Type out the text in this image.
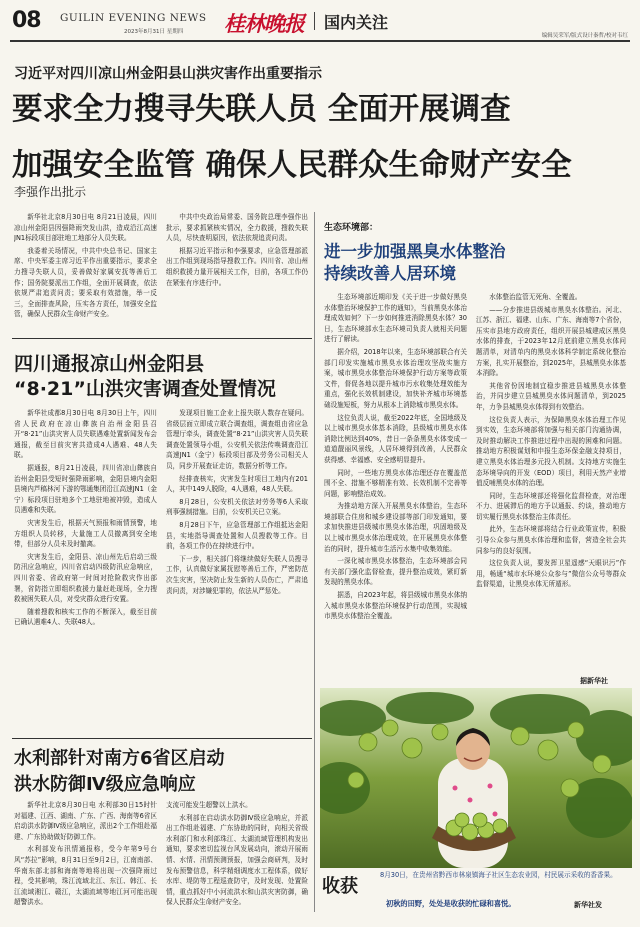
08 GUILIN EVENING NEWS
2023年8月31日 星期四 桂林晚报 国内关注
编辑吴荣军/版式设计秦哲/校对韦红
习近平对四川凉山州金阳县山洪灾害作出重要指示
要求全力搜寻失联人员 全面开展调查
加强安全监管 确保人民群众生命财产安全
李强作出批示

新华社北京8月30日电 8月21日凌晨，四川凉山州金阳县因强降雨突发山洪，造成沿江高速JN1标段项目部驻地工地部分人员失联。

我委着关场情况，中共中央总书记、国家主席、中央军委主席习近平作出重要指示，要求全力搜寻失联人员，妥善做好家属安抚等善后工作；国务院要派出工作组，全面开展调查，依法依规严肃追责问责；要采取有效措施，举一反三，全面排查风险，压实各方责任，加强安全监管，确保人民群众生命财产安全。

中共中央政治局常委、国务院总理李强作出批示，要求抓紧核实情况，全力救援，搜救失联人员，尽快查明原因，依法依规追责问责。

根据习近平指示和李强要求，应急管理部派出工作组到现场指导搜救工作。四川省、凉山州组织救援力量开展相关工作，目前，各项工作仍在紧张有序进行中。

四川通报凉山州金阳县
“8·21”山洪灾害调查处置情况

新华社成都8月30日电 8月30日上午，四川省人民政府在凉山彝族自治州金阳县召开“8·21”山洪灾害人员失联遇难处置新闻发布会通报，截至目前灾害共造成4人遇难、48人失联。

据通报，8月21日凌晨，四川省凉山彝族自治州金阳县受短时强降雨影响，金阳县境内金阳县境内芦稿林河下游的鄂通集团沿江高速JN1（金宁）标段项目驻地多个工地驻地被冲毁，造成人员遇难和失联。

灾害发生后，根据天气预报和雨情预警，地方组织人员转移，大量施工人员撤离到安全地带，但部分人员未及时撤离。

灾害发生后，金阳县、凉山州先后启动三级防汛应急响应，四川省启动四级防汛应急响应，四川省委、省政府第一时间对抢险救灾作出部署，省防指立即组织救援力量赶赴现场，全力搜救被困失联人员，对受灾群众进行安置。

随着搜救和核实工作的不断深入，截至目前已确认遇难4人、失联48人。

发现项目施工企业上报失联人数存在疑问。省级层面立即成立联合调查组，调查组由省应急管理厅牵头，调查处置“8·21”山洪灾害人员失联调查处置领导小组，公安机关依法传唤调查沿江高速JN1（金宁）标段项目部及劳务公司相关人员，同步开展查证走访，数据分析等工作。

经排查核实，灾害发生时项目工地内有201人，其中149人脱险，4人遇难，48人失联。

8月28日，公安机关依法对劳务等6人采取刑事强制措施。目前，公安机关已立案。

8月28日下午，应急管理部工作组抵达金阳县，实地指导调查处置和人员搜救等工作。目前，各项工作仍在持续进行中。

下一步，相关部门将继续做好失联人员搜寻工作，认真做好家属抚慰等善后工作，严密防范次生灾害，坚决防止发生新的人员伤亡，严肃追责问责，对涉嫌犯罪的，依法从严惩处。

水利部针对南方6省区启动
洪水防御Ⅳ级应急响应

新华社北京8月30日电 水利部30日15时针对福建、江西、湖南、广东、广西、海南等6省区启动洪水防御Ⅳ级应急响应，派出2个工作组赴福建、广东协助做好防御工作。

水利部发布汛情通报称，受今年第9号台风“苏拉”影响，8月31日至9月2日，江南南部、华南东部北部和海南等地将出现一次强降雨过程，受其影响，珠江流域北江、东江、韩江、长江流域湘江、赣江，太湖流域等地江河可能出现超警洪水。

支流可能发生超警以上洪水。

水利部在启动洪水防御Ⅳ级应急响应，并派出工作组赴福建、广东协助的同时，向相关省级水利部门和水利部珠江、太湖流域管理机构发出通知，要求密切监视台风发展动向，滚动开展雨情、水情、汛情预测预报，加强会商研判，及时发布预警信息，科学精细调度水工程体系，做好水库、堤防等工程巡查防守，及时发现、处置险情，重点抓好中小河流洪水和山洪灾害防御，确保人民群众生命财产安全。

生态环境部：
进一步加强黑臭水体整治
持续改善人居环境

生态环境部近期印发《关于进一步做好黑臭水体整治环境保护工作的通知》，当前黑臭水体治理成效如何？下一步如何推进消除黑臭水体？30日，生态环境部水生态环境司负责人就相关问题进行了解读。

据介绍，2018年以来，生态环境部联合有关部门印发实施城市黑臭水体治理攻坚战实施方案，城市黑臭水体整治环境保护行动方案等政策文件，督促各地以提升城市污水收集处理效能为重点，强化长效机制建设，加快补齐城市环境基础设施短板，努力从根本上消除城市黑臭水体。

这位负责人说，截至2022年底，全国地级及以上城市黑臭水体基本消除，县级城市黑臭水体消除比例达到40%，昔日一条条黑臭水体变成一道道靓丽风景线，人居环境得到改善，人民群众获得感、幸福感、安全感明显提升。

同时，一些地方黑臭水体治理还存在覆盖范围不全、措施不够精准有效、长效机制不完善等问题，影响整治成效。

为推动地方深入开展黑臭水体整治，生态环境部联合住房和城乡建设部等部门印发通知，要求加快推进县级城市黑臭水体治理，巩固地级及以上城市黑臭水体治理成效，在开展黑臭水体整治的同时，提升城市生活污水集中收集效能。

一深化城市黑臭水体整治，生态环境部会同有关部门强化监督检查，提升整治成效，紧盯新发现的黑臭水体。

据悉，自2023年起，将县级城市黑臭水体纳入城市黑臭水体整治环境保护行动范围，实现城市黑臭水体整治全覆盖。

水体整治监管无死角、全覆盖。

——分步推进县级城市黑臭水体整治。河北、江苏、浙江、福建、山东、广东、海南等7个省份，压实市县地方政府责任，组织开展县城建成区黑臭水体的排查，于2023年12月底前建立黑臭水体问题清单，对清单内的黑臭水体科学制定系统化整治方案，扎实开展整治，到2025年，县城黑臭水体基本消除。

其他省份因地制宜稳步推进县城黑臭水体整治，并同步建立县城黑臭水体问题清单，到2025年，力争县城黑臭水体得到有效整治。

这位负责人表示，为保障黑臭水体治理工作见到实效，生态环境部将加强与相关部门沟通协调，及时推动解决工作推进过程中出现的困难和问题。推动地方积极谋划和申报生态环保金融支持项目，建立黑臭水体治理多元投入机制。支持地方实施生态环境导向的开发（EOD）项目，利用天然产业增值反哺黑臭水体的治理。

同时，生态环境部还将强化监督检查，对治理不力、进展滞后的地方予以通报、约谈，推动地方切实履行黑臭水体整治主体责任。

此外，生态环境部将结合行业政策宣传，积极引导公众参与黑臭水体治理和监督，营造全社会共同参与的良好氛围。

这位负责人说，要发挥卫星遥感“天眼识污”作用，畅通“城市水环境公众参与”微信公众号等群众监督渠道，让黑臭水体无所遁形。

据新华社
收获
8月30日，在贵州省黔西市林泉镇海子社区生态农业园，村民展示采收的香香果。
初秋的田野，处处是收获的忙碌和喜悦。	新华社发
